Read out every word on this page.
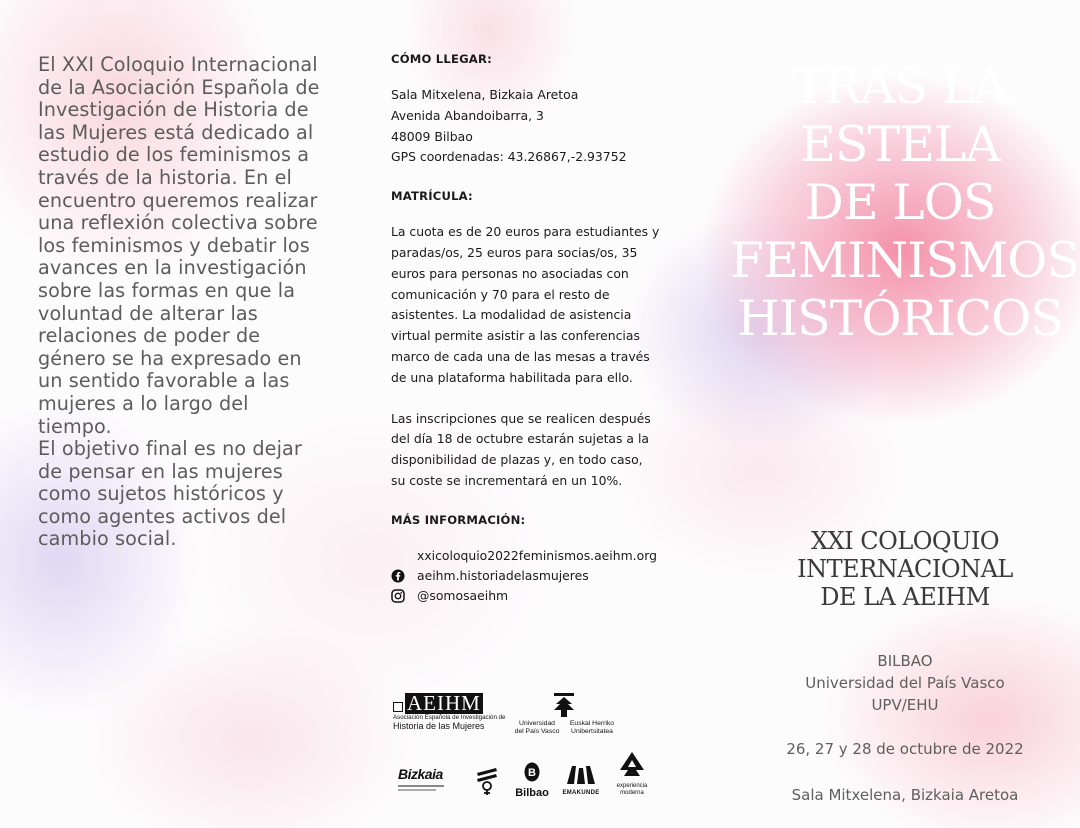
El XXI Coloquio Internacional de la Asociación Española de Investigación de Historia de las Mujeres está dedicado al estudio de los feminismos a través de la historia. En el encuentro queremos realizar una reflexión colectiva sobre los feminismos y debatir los avances en la investigación sobre las formas en que la voluntad de alterar las relaciones de poder de género se ha expresado en un sentido favorable a las mujeres a lo largo del tiempo.

El objetivo final es no dejar de pensar en las mujeres como sujetos históricos y como agentes activos del cambio social.

CÓMO LLEGAR:

Sala Mitxelena, Bizkaia Aretoa

Avenida Abandoibarra, 3

48009 Bilbao

GPS coordenadas: 43.26867,-2.93752

MATRÍCULA:

La cuota es de 20 euros para estudiantes y

paradas/os, 25 euros para socias/os, 35

euros para personas no asociadas con

comunicación y 70 para el resto de

asistentes. La modalidad de asistencia

virtual permite asistir a las conferencias

marco de cada una de las mesas a través

de una plataforma habilitada para ello.

Las inscripciones que se realicen después

del día 18 de octubre estarán sujetas a la

disponibilidad de plazas y, en todo caso,

su coste se incrementará en un 10%.

MÁS INFORMACIÓN:

xxicoloquio2022feminismos.aeihm.org
aeihm.historiadelasmujeres
@somosaeihm
AEIHM
Asociación Española de Investigación de
Historia de las Mujeres	Universidad
del País Vasco
Euskal Herriko
Unibertsitatea
Bizkaia	B
Bilbao	EMAKUNDE
experiencia moderna
TRAS LA
ESTELA
DE LOS
FEMINISMOS
HISTÓRICOS
XXI COLOQUIO
INTERNACIONAL
DE LA AEIHM
BILBAO
Universidad del País Vasco
UPV/EHU
26, 27 y 28 de octubre de 2022
Sala Mitxelena, Bizkaia Aretoa
